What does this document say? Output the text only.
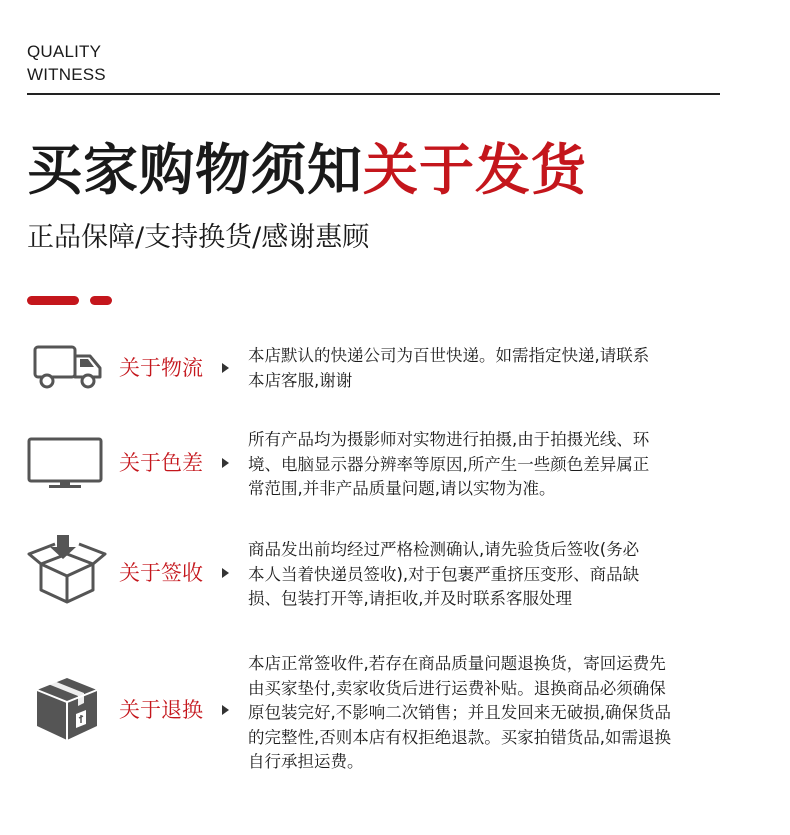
QUALITY
WITNESS
买家购物须知关于发货
正品保障/支持换货/感谢惠顾
关于物流
本店默认的快递公司为百世快递。如需指定快递,请联系
本店客服,谢谢
关于色差
所有产品均为摄影师对实物进行拍摄,由于拍摄光线、环
境、电脑显示器分辨率等原因,所产生一些颜色差异属正
常范围,并非产品质量问题,请以实物为准。
关于签收
商品发出前均经过严格检测确认,请先验货后签收(务必
本人当着快递员签收),对于包裹严重挤压变形、商品缺
损、包装打开等,请拒收,并及时联系客服处理
关于退换
本店正常签收件,若存在商品质量问题退换货，寄回运费先
由买家垫付,卖家收货后进行运费补贴。退换商品必须确保
原包装完好,不影响二次销售；并且发回来无破损,确保货品
的完整性,否则本店有权拒绝退款。买家拍错货品,如需退换
自行承担运费。
